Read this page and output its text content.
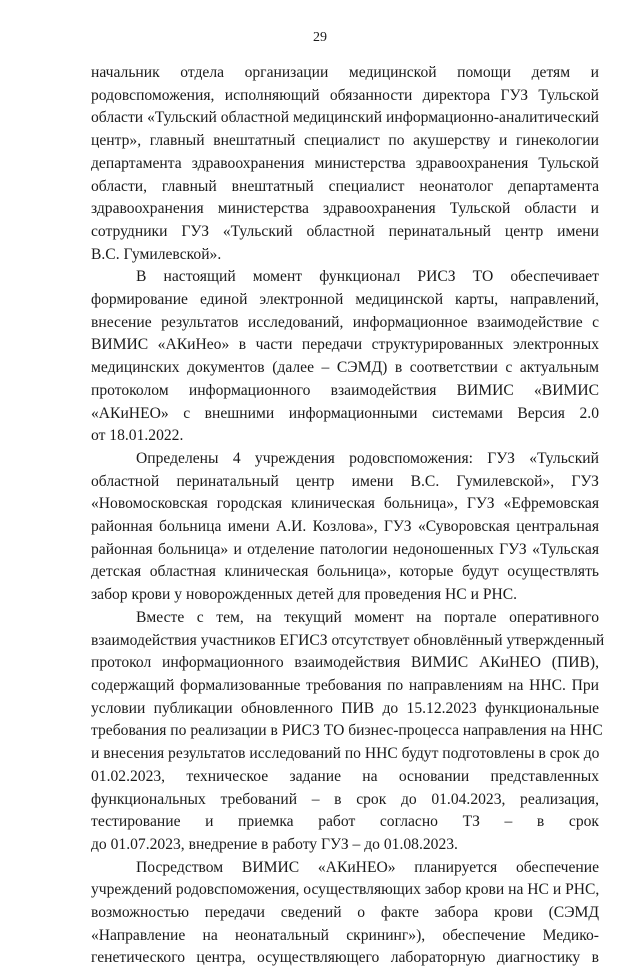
29
начальник отдела организации медицинской помощи детям и
родовспоможения, исполняющий обязанности директора ГУЗ Тульской
области «Тульский областной медицинский информационно-аналитический
центр», главный внештатный специалист по акушерству и гинекологии
департамента здравоохранения министерства здравоохранения Тульской
области, главный внештатный специалист неонатолог департамента
здравоохранения министерства здравоохранения Тульской области и
сотрудники ГУЗ «Тульский областной перинатальный центр имени
В.С. Гумилевской».
В настоящий момент функционал РИСЗ ТО обеспечивает
формирование единой электронной медицинской карты, направлений,
внесение результатов исследований, информационное взаимодействие с
ВИМИС «АКиНео» в части передачи структурированных электронных
медицинских документов (далее – СЭМД) в соответствии с актуальным
протоколом информационного взаимодействия ВИМИС «ВИМИС
«АКиНЕО» с внешними информационными системами Версия 2.0
от 18.01.2022.
Определены 4 учреждения родовспоможения: ГУЗ «Тульский
областной перинатальный центр имени В.С. Гумилевской», ГУЗ
«Новомосковская городская клиническая больница», ГУЗ «Ефремовская
районная больница имени А.И. Козлова», ГУЗ «Суворовская центральная
районная больница» и отделение патологии недоношенных ГУЗ «Тульская
детская областная клиническая больница», которые будут осуществлять
забор крови у новорожденных детей для проведения НС и РНС.
Вместе с тем, на текущий момент на портале оперативного
взаимодействия участников ЕГИСЗ отсутствует обновлённый утвержденный
протокол информационного взаимодействия ВИМИС АКиНЕО (ПИВ),
содержащий формализованные требования по направлениям на ННС. При
условии публикации обновленного ПИВ до 15.12.2023 функциональные
требования по реализации в РИСЗ ТО бизнес-процесса направления на ННС
и внесения результатов исследований по ННС будут подготовлены в срок до
01.02.2023, техническое задание на основании представленных
функциональных требований – в срок до 01.04.2023, реализация,
тестирование и приемка работ согласно ТЗ – в срок
до 01.07.2023, внедрение в работу ГУЗ – до 01.08.2023.
Посредством ВИМИС «АКиНЕО» планируется обеспечение
учреждений родовспоможения, осуществляющих забор крови на НС и РНС,
возможностью передачи сведений о факте забора крови (СЭМД
«Направление на неонатальный скрининг»), обеспечение Медико-
генетического центра, осуществляющего лабораторную диагностику в
